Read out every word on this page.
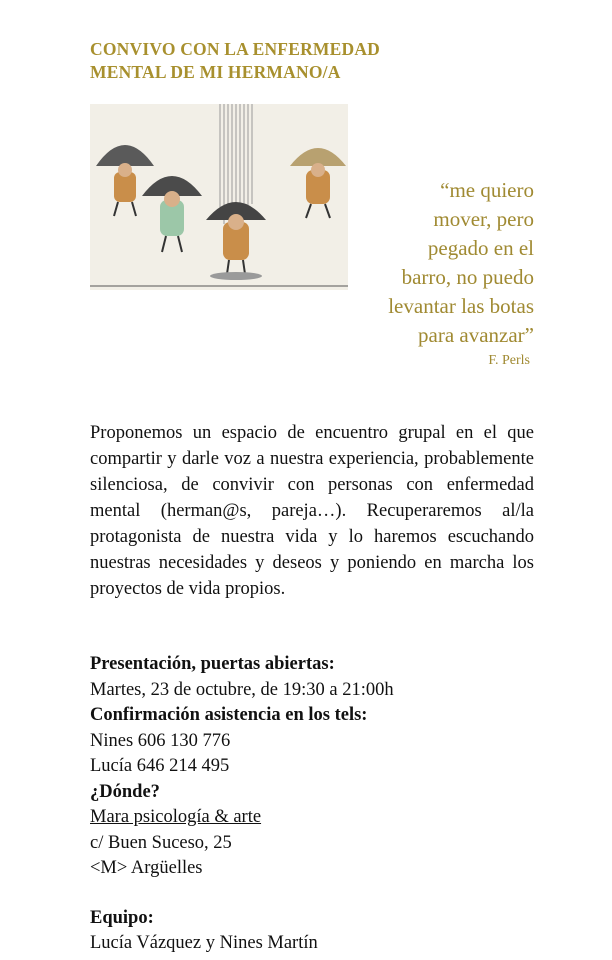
CONVIVO CON LA ENFERMEDAD
MENTAL DE MI HERMANO/A
“me quiero
mover, pero
pegado en el
barro, no puedo
levantar las botas
para avanzar”
F. Perls

Proponemos un espacio de encuentro grupal en el que compartir y darle voz a nuestra experiencia, probablemente silenciosa, de convivir con personas con enfermedad mental (herman@s, pareja…). Recuperaremos al/la protagonista de nuestra vida y lo haremos escuchando nuestras necesidades y deseos y poniendo en marcha los proyectos de vida propios.

Presentación, puertas abiertas:
Martes, 23 de octubre, de 19:30 a 21:00h
Confirmación asistencia en los tels:
Nines 606 130 776
Lucía 646 214 495
¿Dónde?
Mara psicología & arte
c/ Buen Suceso, 25
<M> Argüelles
Equipo:
Lucía Vázquez y Nines Martín
